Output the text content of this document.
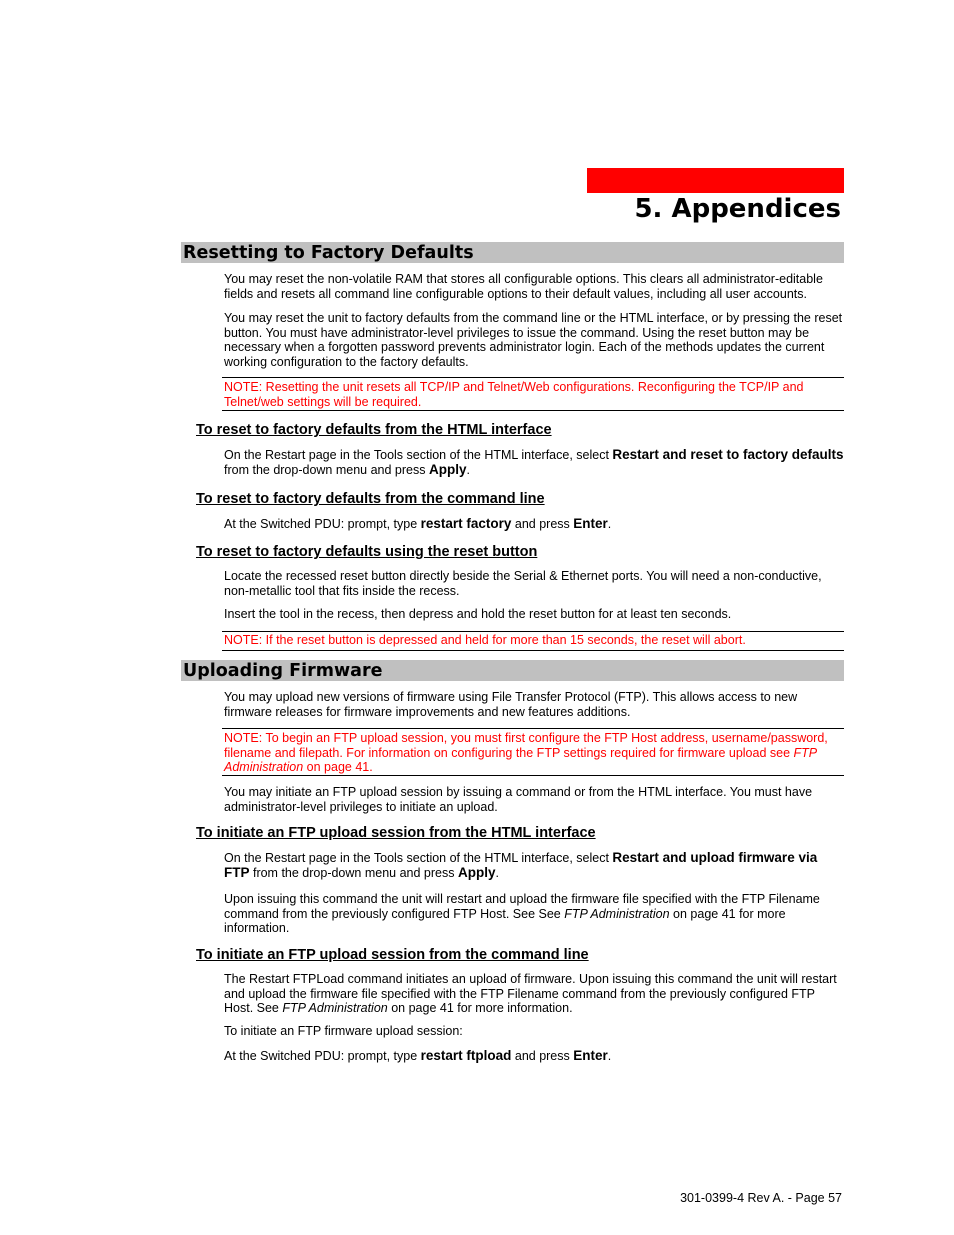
5. Appendices
Resetting to Factory Defaults
You may reset the non-volatile RAM that stores all configurable options. This clears all administrator-editable fields and resets all command line configurable options to their default values, including all user accounts.
You may reset the unit to factory defaults from the command line or the HTML interface, or by pressing the reset button. You must have administrator-level privileges to issue the command. Using the reset button may be necessary when a forgotten password prevents administrator login. Each of the methods updates the current working configuration to the factory defaults.
NOTE: Resetting the unit resets all TCP/IP and Telnet/Web configurations. Reconfiguring the TCP/IP and Telnet/web settings will be required.
To reset to factory defaults from the HTML interface
On the Restart page in the Tools section of the HTML interface, select Restart and reset to factory defaults from the drop-down menu and press Apply.
To reset to factory defaults from the command line
At the Switched PDU: prompt, type restart factory and press Enter.
To reset to factory defaults using the reset button
Locate the recessed reset button directly beside the Serial & Ethernet ports. You will need a non-conductive, non-metallic tool that fits inside the recess.
Insert the tool in the recess, then depress and hold the reset button for at least ten seconds.
NOTE: If the reset button is depressed and held for more than 15 seconds, the reset will abort.
Uploading Firmware
You may upload new versions of firmware using File Transfer Protocol (FTP). This allows access to new firmware releases for firmware improvements and new features additions.
NOTE: To begin an FTP upload session, you must first configure the FTP Host address, username/password, filename and filepath. For information on configuring the FTP settings required for firmware upload see FTP Administration on page 41.
You may initiate an FTP upload session by issuing a command or from the HTML interface. You must have administrator-level privileges to initiate an upload.
To initiate an FTP upload session from the HTML interface
On the Restart page in the Tools section of the HTML interface, select Restart and upload firmware via FTP from the drop-down menu and press Apply.
Upon issuing this command the unit will restart and upload the firmware file specified with the FTP Filename command from the previously configured FTP Host. See See FTP Administration on page 41 for more information.
To initiate an FTP upload session from the command line
The Restart FTPLoad command initiates an upload of firmware. Upon issuing this command the unit will restart and upload the firmware file specified with the FTP Filename command from the previously configured FTP Host. See FTP Administration on page 41 for more information.
To initiate an FTP firmware upload session:
At the Switched PDU: prompt, type restart ftpload and press Enter.
301-0399-4 Rev A. - Page 57
